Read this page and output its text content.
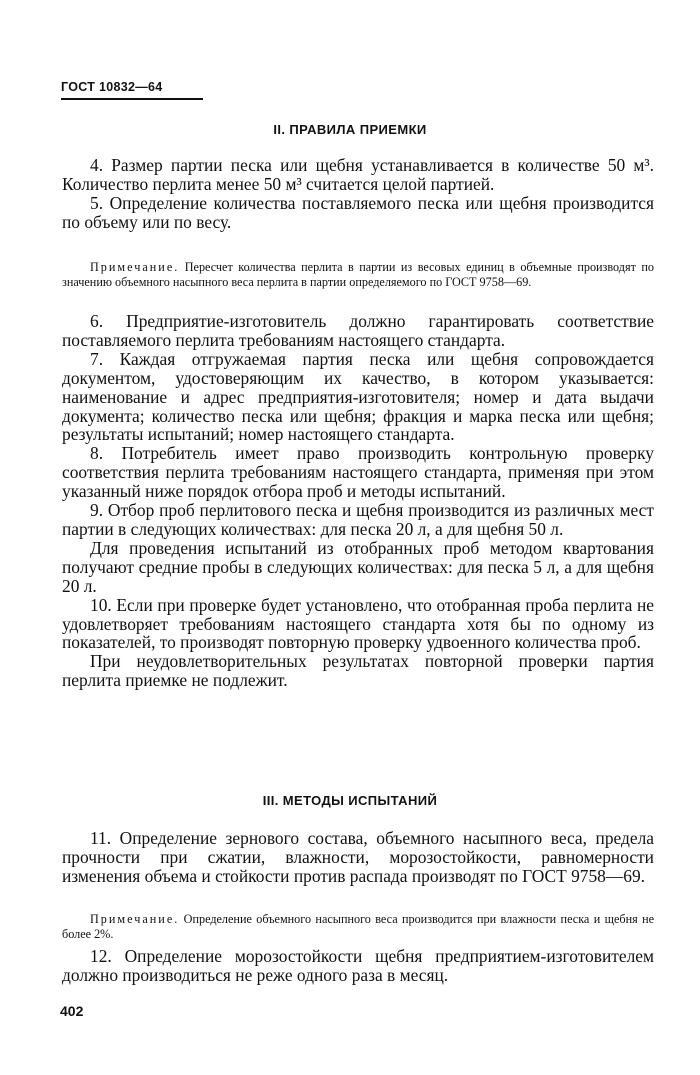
ГОСТ 10832—64
II. ПРАВИЛА ПРИЕМКИ

4. Размер партии песка или щебня устанавливается в количестве 50 м³. Количество перлита менее 50 м³ считается целой партией.

5. Определение количества поставляемого песка или щебня производится по объему или по весу.

Примечание. Пересчет количества перлита в партии из весовых единиц в объемные производят по значению объемного насыпного веса перлита в партии определяемого по ГОСТ 9758—69.

6. Предприятие-изготовитель должно гарантировать соответствие поставляемого перлита требованиям настоящего стандарта.

7. Каждая отгружаемая партия песка или щебня сопровождается документом, удостоверяющим их качество, в котором указывается: наименование и адрес предприятия-изготовителя; номер и дата выдачи документа; количество песка или щебня; фракция и марка песка или щебня; результаты испытаний; номер настоящего стандарта.

8. Потребитель имеет право производить контрольную проверку соответствия перлита требованиям настоящего стандарта, применяя при этом указанный ниже порядок отбора проб и методы испытаний.

9. Отбор проб перлитового песка и щебня производится из различных мест партии в следующих количествах: для песка 20 л, а для щебня 50 л.

Для проведения испытаний из отобранных проб методом квартования получают средние пробы в следующих количествах: для песка 5 л, а для щебня 20 л.

10. Если при проверке будет установлено, что отобранная проба перлита не удовлетворяет требованиям настоящего стандарта хотя бы по одному из показателей, то производят повторную проверку удвоенного количества проб.

При неудовлетворительных результатах повторной проверки партия перлита приемке не подлежит.

III. МЕТОДЫ ИСПЫТАНИЙ

11. Определение зернового состава, объемного насыпного веса, предела прочности при сжатии, влажности, морозостойкости, равномерности изменения объема и стойкости против распада производят по ГОСТ 9758—69.

Примечание. Определение объемного насыпного веса производится при влажности песка и щебня не более 2%.

12. Определение морозостойкости щебня предприятием-изготовителем должно производиться не реже одного раза в месяц.

402
